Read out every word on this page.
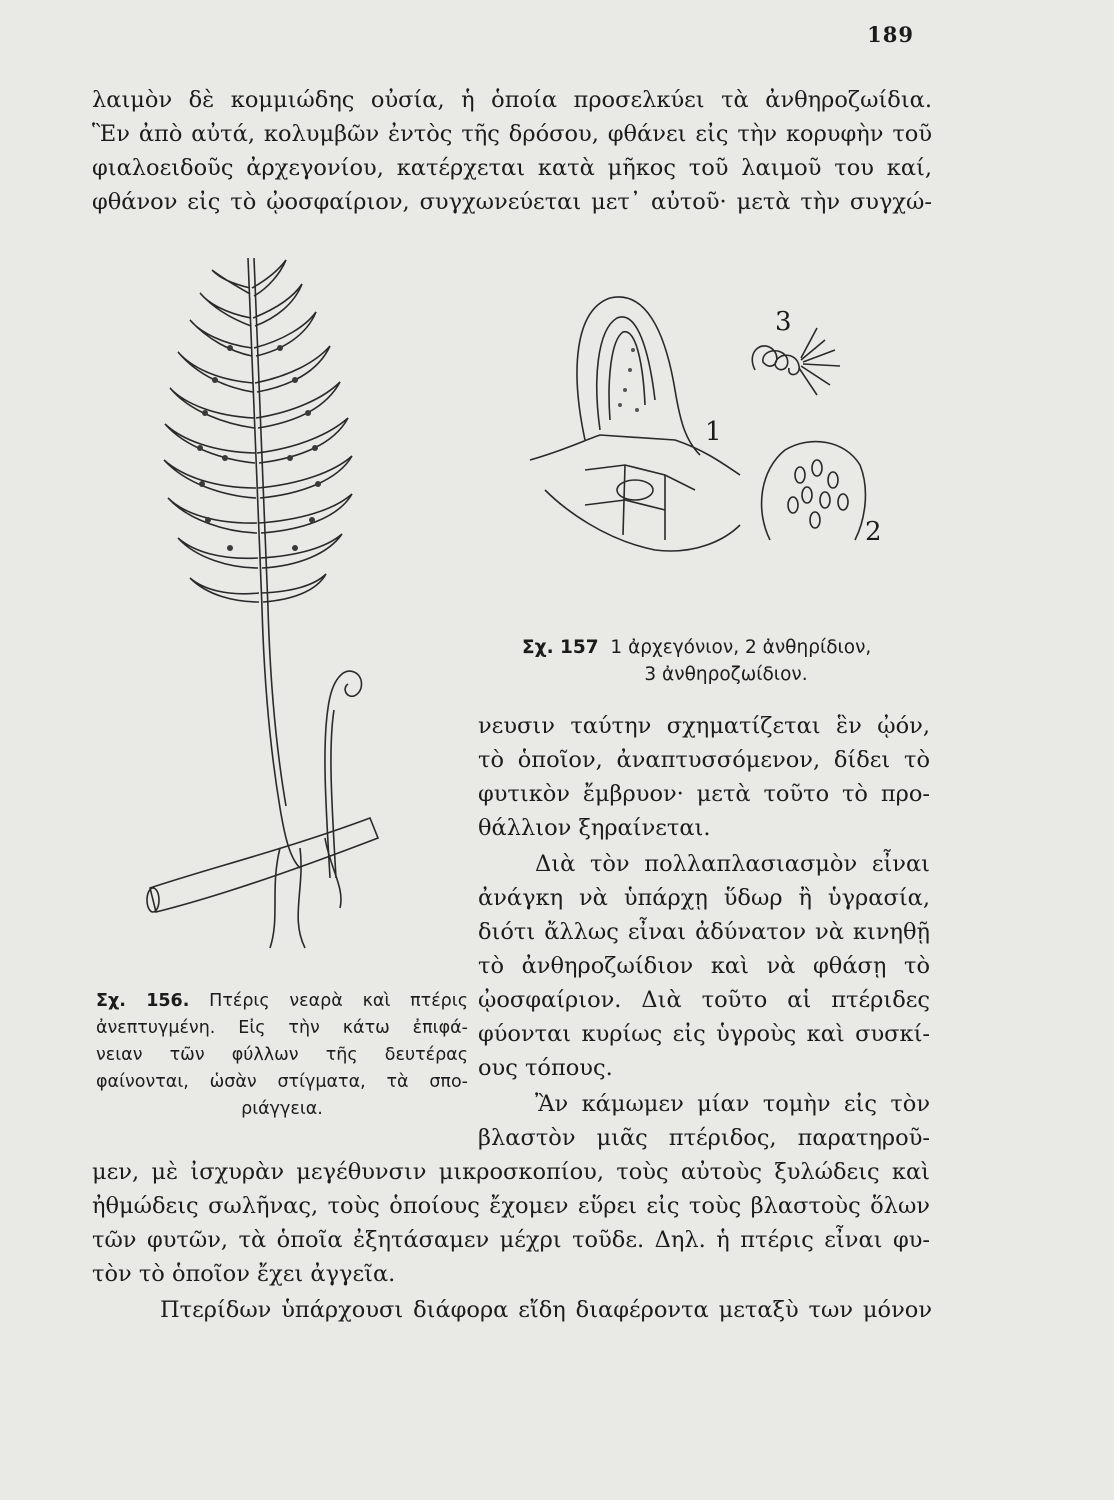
189
λαιμὸν δὲ κομμιώδης οὐσία, ἡ ὁποία προσελκύει τὰ ἀνθηροζωίδια.
Ἓν ἀπὸ αὐτά, κολυμβῶν ἐντὸς τῆς δρόσου, φθάνει εἰς τὴν κορυφὴν τοῦ
φιαλοειδοῦς ἀρχεγονίου, κατέρχεται κατὰ μῆκος τοῦ λαιμοῦ του καί,
φθάνον εἰς τὸ ᾠοσφαίριον, συγχωνεύεται μετ᾽ αὐτοῦ· μετὰ τὴν συγχώ-
1
2
3
Σχ. 157 1 ἀρχεγόνιον, 2 ἀνθηρίδιον,
3 ἀνθηροζωίδιον.
νευσιν ταύτην σχηματίζεται ἓν ᾠόν,
τὸ ὁποῖον, ἀναπτυσσόμενον, δίδει τὸ
φυτικὸν ἔμβρυον· μετὰ τοῦτο τὸ προ-
θάλλιον ξηραίνεται.
Διὰ τὸν πολλαπλασιασμὸν εἶναι
ἀνάγκη νὰ ὑπάρχῃ ὕδωρ ἢ ὑγρασία,
διότι ἄλλως εἶναι ἀδύνατον νὰ κινηθῇ
τὸ ἀνθηροζωίδιον καὶ νὰ φθάσῃ τὸ
ᾠοσφαίριον. Διὰ τοῦτο αἱ πτέριδες
φύονται κυρίως εἰς ὑγροὺς καὶ συσκί-
ους τόπους.
Ἂν κάμωμεν μίαν τομὴν εἰς τὸν
βλαστὸν μιᾶς πτέριδος, παρατηροῦ-
Σχ. 156. Πτέρις νεαρὰ καὶ πτέρις
ἀνεπτυγμένη. Εἰς τὴν κάτω ἐπιφά-
νειαν τῶν φύλλων τῆς δευτέρας
φαίνονται, ὡσὰν στίγματα, τὰ σπο-
ριάγγεια.
μεν, μὲ ἰσχυρὰν μεγέθυνσιν μικροσκοπίου, τοὺς αὐτοὺς ξυλώδεις καὶ
ἠθμώδεις σωλῆνας, τοὺς ὁποίους ἔχομεν εὕρει εἰς τοὺς βλαστοὺς ὅλων
τῶν φυτῶν, τὰ ὁποῖα ἐξητάσαμεν μέχρι τοῦδε. Δηλ. ἡ πτέρις εἶναι φυ-
τὸν τὸ ὁποῖον ἔχει ἀγγεῖα.
Πτερίδων ὑπάρχουσι διάφορα εἴδη διαφέροντα μεταξὺ των μόνον
